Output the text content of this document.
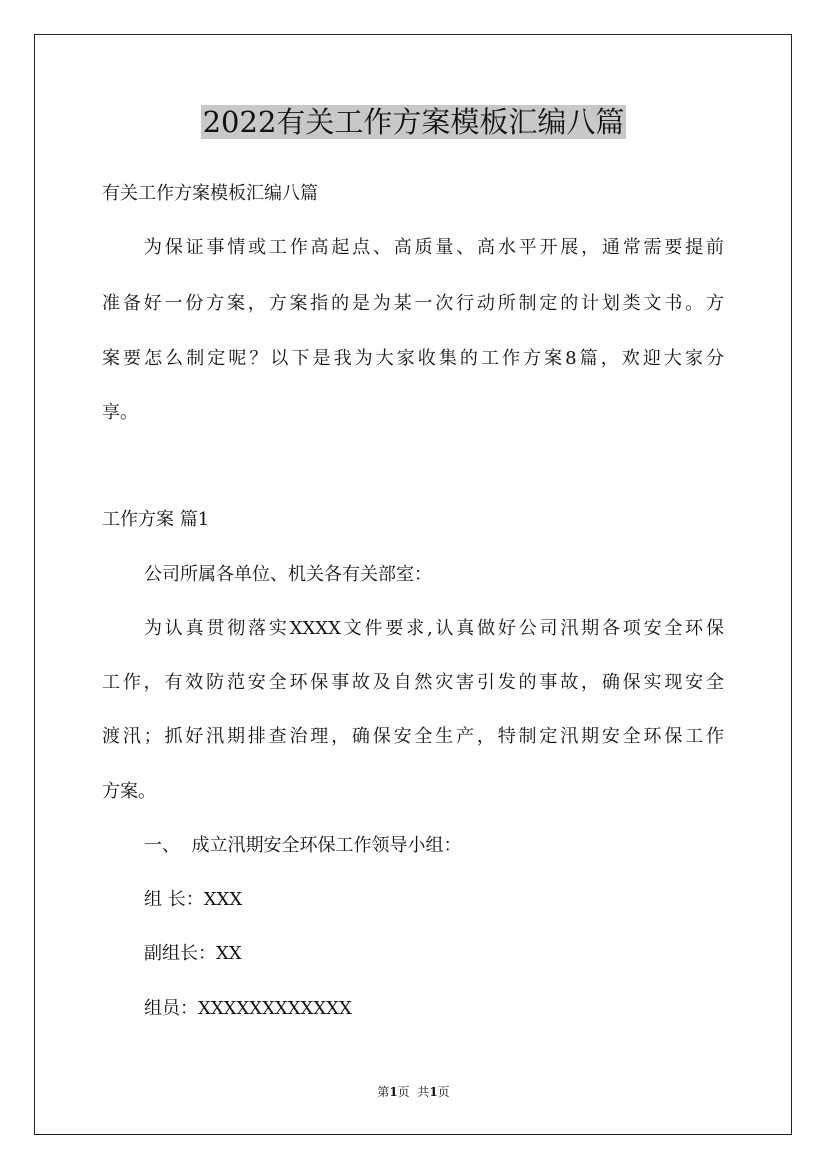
2022有关工作方案模板汇编八篇

有关工作方案模板汇编八篇

为保证事情或工作高起点、高质量、高水平开展，通常需要提前

准备好一份方案，方案指的是为某一次行动所制定的计划类文书。方

案要怎么制定呢？以下是我为大家收集的工作方案8篇，欢迎大家分

享。

工作方案 篇1

公司所属各单位、机关各有关部室：

为认真贯彻落实XXXX文件要求,认真做好公司汛期各项安全环保

工作，有效防范安全环保事故及自然灾害引发的事故，确保实现安全

渡汛；抓好汛期排查治理，确保安全生产，特制定汛期安全环保工作

方案。

一、  成立汛期安全环保工作领导小组：

组 长：XXX

副组长：XX

组员：XXXXXXXXXXXX

第1页  共1页
